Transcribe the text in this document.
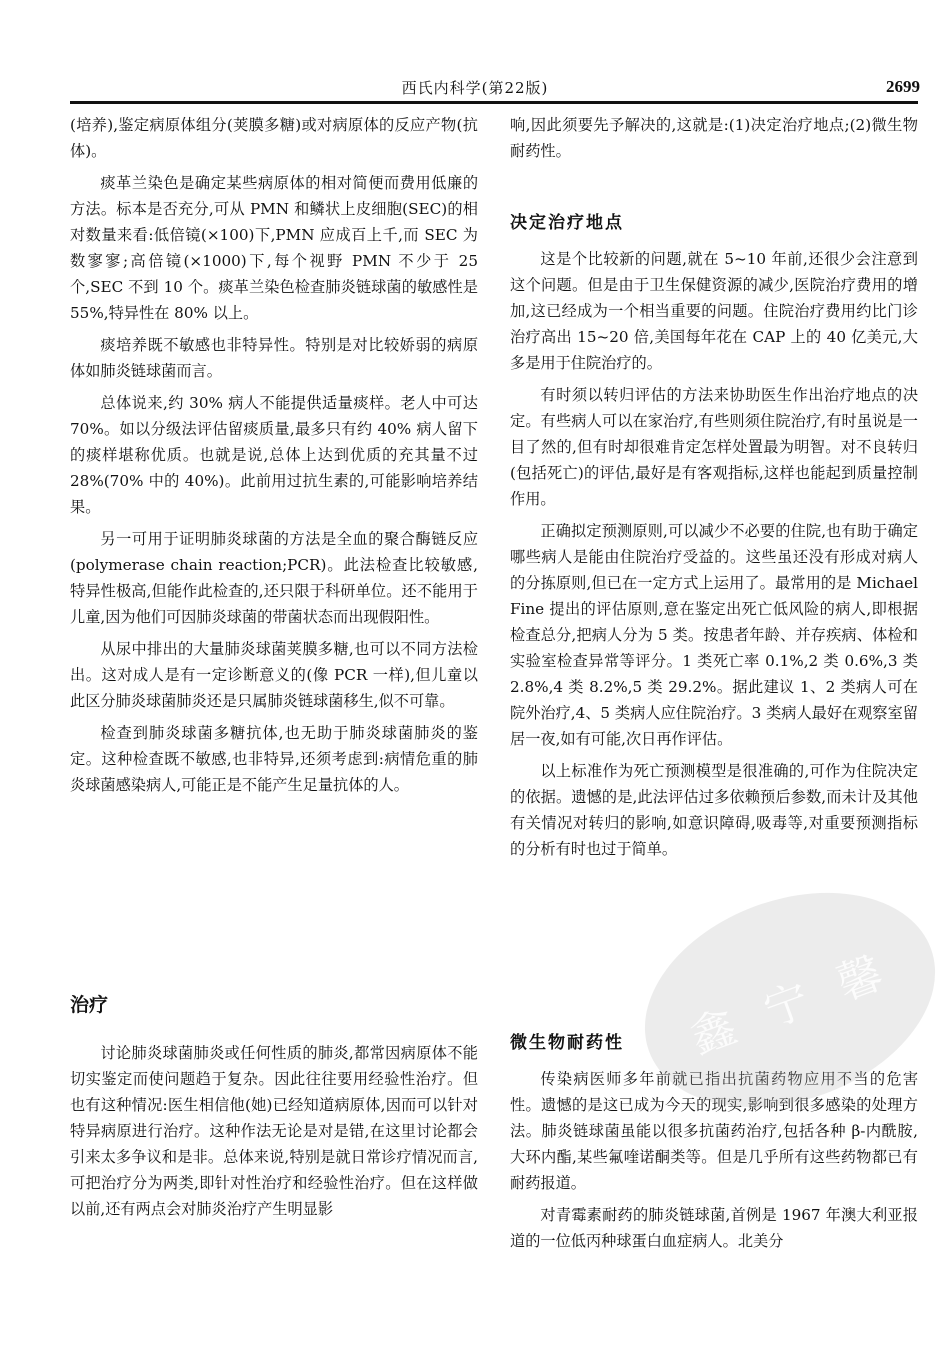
西氏内科学(第22版)	2699

(培养),鉴定病原体组分(荚膜多糖)或对病原体的反应产物(抗体)。

痰革兰染色是确定某些病原体的相对简便而费用低廉的方法。标本是否充分,可从 PMN 和鳞状上皮细胞(SEC)的相对数量来看:低倍镜(×100)下,PMN 应成百上千,而 SEC 为数寥寥;高倍镜(×1000)下,每个视野 PMN 不少于 25 个,SEC 不到 10 个。痰革兰染色检查肺炎链球菌的敏感性是 55%,特异性在 80% 以上。

痰培养既不敏感也非特异性。特别是对比较娇弱的病原体如肺炎链球菌而言。

总体说来,约 30% 病人不能提供适量痰样。老人中可达 70%。如以分级法评估留痰质量,最多只有约 40% 病人留下的痰样堪称优质。也就是说,总体上达到优质的充其量不过 28%(70% 中的 40%)。此前用过抗生素的,可能影响培养结果。

另一可用于证明肺炎球菌的方法是全血的聚合酶链反应(polymerase chain reaction;PCR)。此法检查比较敏感,特异性极高,但能作此检查的,还只限于科研单位。还不能用于儿童,因为他们可因肺炎球菌的带菌状态而出现假阳性。

从尿中排出的大量肺炎球菌荚膜多糖,也可以不同方法检出。这对成人是有一定诊断意义的(像 PCR 一样),但儿童以此区分肺炎球菌肺炎还是只属肺炎链球菌移生,似不可靠。

检查到肺炎球菌多糖抗体,也无助于肺炎球菌肺炎的鉴定。这种检查既不敏感,也非特异,还须考虑到:病情危重的肺炎球菌感染病人,可能正是不能产生足量抗体的人。

治疗

讨论肺炎球菌肺炎或任何性质的肺炎,都常因病原体不能切实鉴定而使问题趋于复杂。因此往往要用经验性治疗。但也有这种情况:医生相信他(她)已经知道病原体,因而可以针对特异病原进行治疗。这种作法无论是对是错,在这里讨论都会引来太多争议和是非。总体来说,特别是就日常诊疗情况而言,可把治疗分为两类,即针对性治疗和经验性治疗。但在这样做以前,还有两点会对肺炎治疗产生明显影

响,因此须要先予解决的,这就是:(1)决定治疗地点;(2)微生物耐药性。

决定治疗地点

这是个比较新的问题,就在 5~10 年前,还很少会注意到这个问题。但是由于卫生保健资源的减少,医院治疗费用的增加,这已经成为一个相当重要的问题。住院治疗费用约比门诊治疗高出 15~20 倍,美国每年花在 CAP 上的 40 亿美元,大多是用于住院治疗的。

有时须以转归评估的方法来协助医生作出治疗地点的决定。有些病人可以在家治疗,有些则须住院治疗,有时虽说是一目了然的,但有时却很难肯定怎样处置最为明智。对不良转归(包括死亡)的评估,最好是有客观指标,这样也能起到质量控制作用。

正确拟定预测原则,可以减少不必要的住院,也有助于确定哪些病人是能由住院治疗受益的。这些虽还没有形成对病人的分拣原则,但已在一定方式上运用了。最常用的是 Michael Fine 提出的评估原则,意在鉴定出死亡低风险的病人,即根据检查总分,把病人分为 5 类。按患者年龄、并存疾病、体检和实验室检查异常等评分。1 类死亡率 0.1%,2 类 0.6%,3 类 2.8%,4 类 8.2%,5 类 29.2%。据此建议 1、2 类病人可在院外治疗,4、5 类病人应住院治疗。3 类病人最好在观察室留居一夜,如有可能,次日再作评估。

以上标准作为死亡预测模型是很准确的,可作为住院决定的依据。遗憾的是,此法评估过多依赖预后参数,而未计及其他有关情况对转归的影响,如意识障碍,吸毒等,对重要预测指标的分析有时也过于简单。

微生物耐药性

传染病医师多年前就已指出抗菌药物应用不当的危害性。遗憾的是这已成为今天的现实,影响到很多感染的处理方法。肺炎链球菌虽能以很多抗菌药治疗,包括各种 β-内酰胺,大环内酯,某些氟喹诺酮类等。但是几乎所有这些药物都已有耐药报道。

对青霉素耐药的肺炎链球菌,首例是 1967 年澳大利亚报道的一位低丙种球蛋白血症病人。北美分

鑫 宁 馨
